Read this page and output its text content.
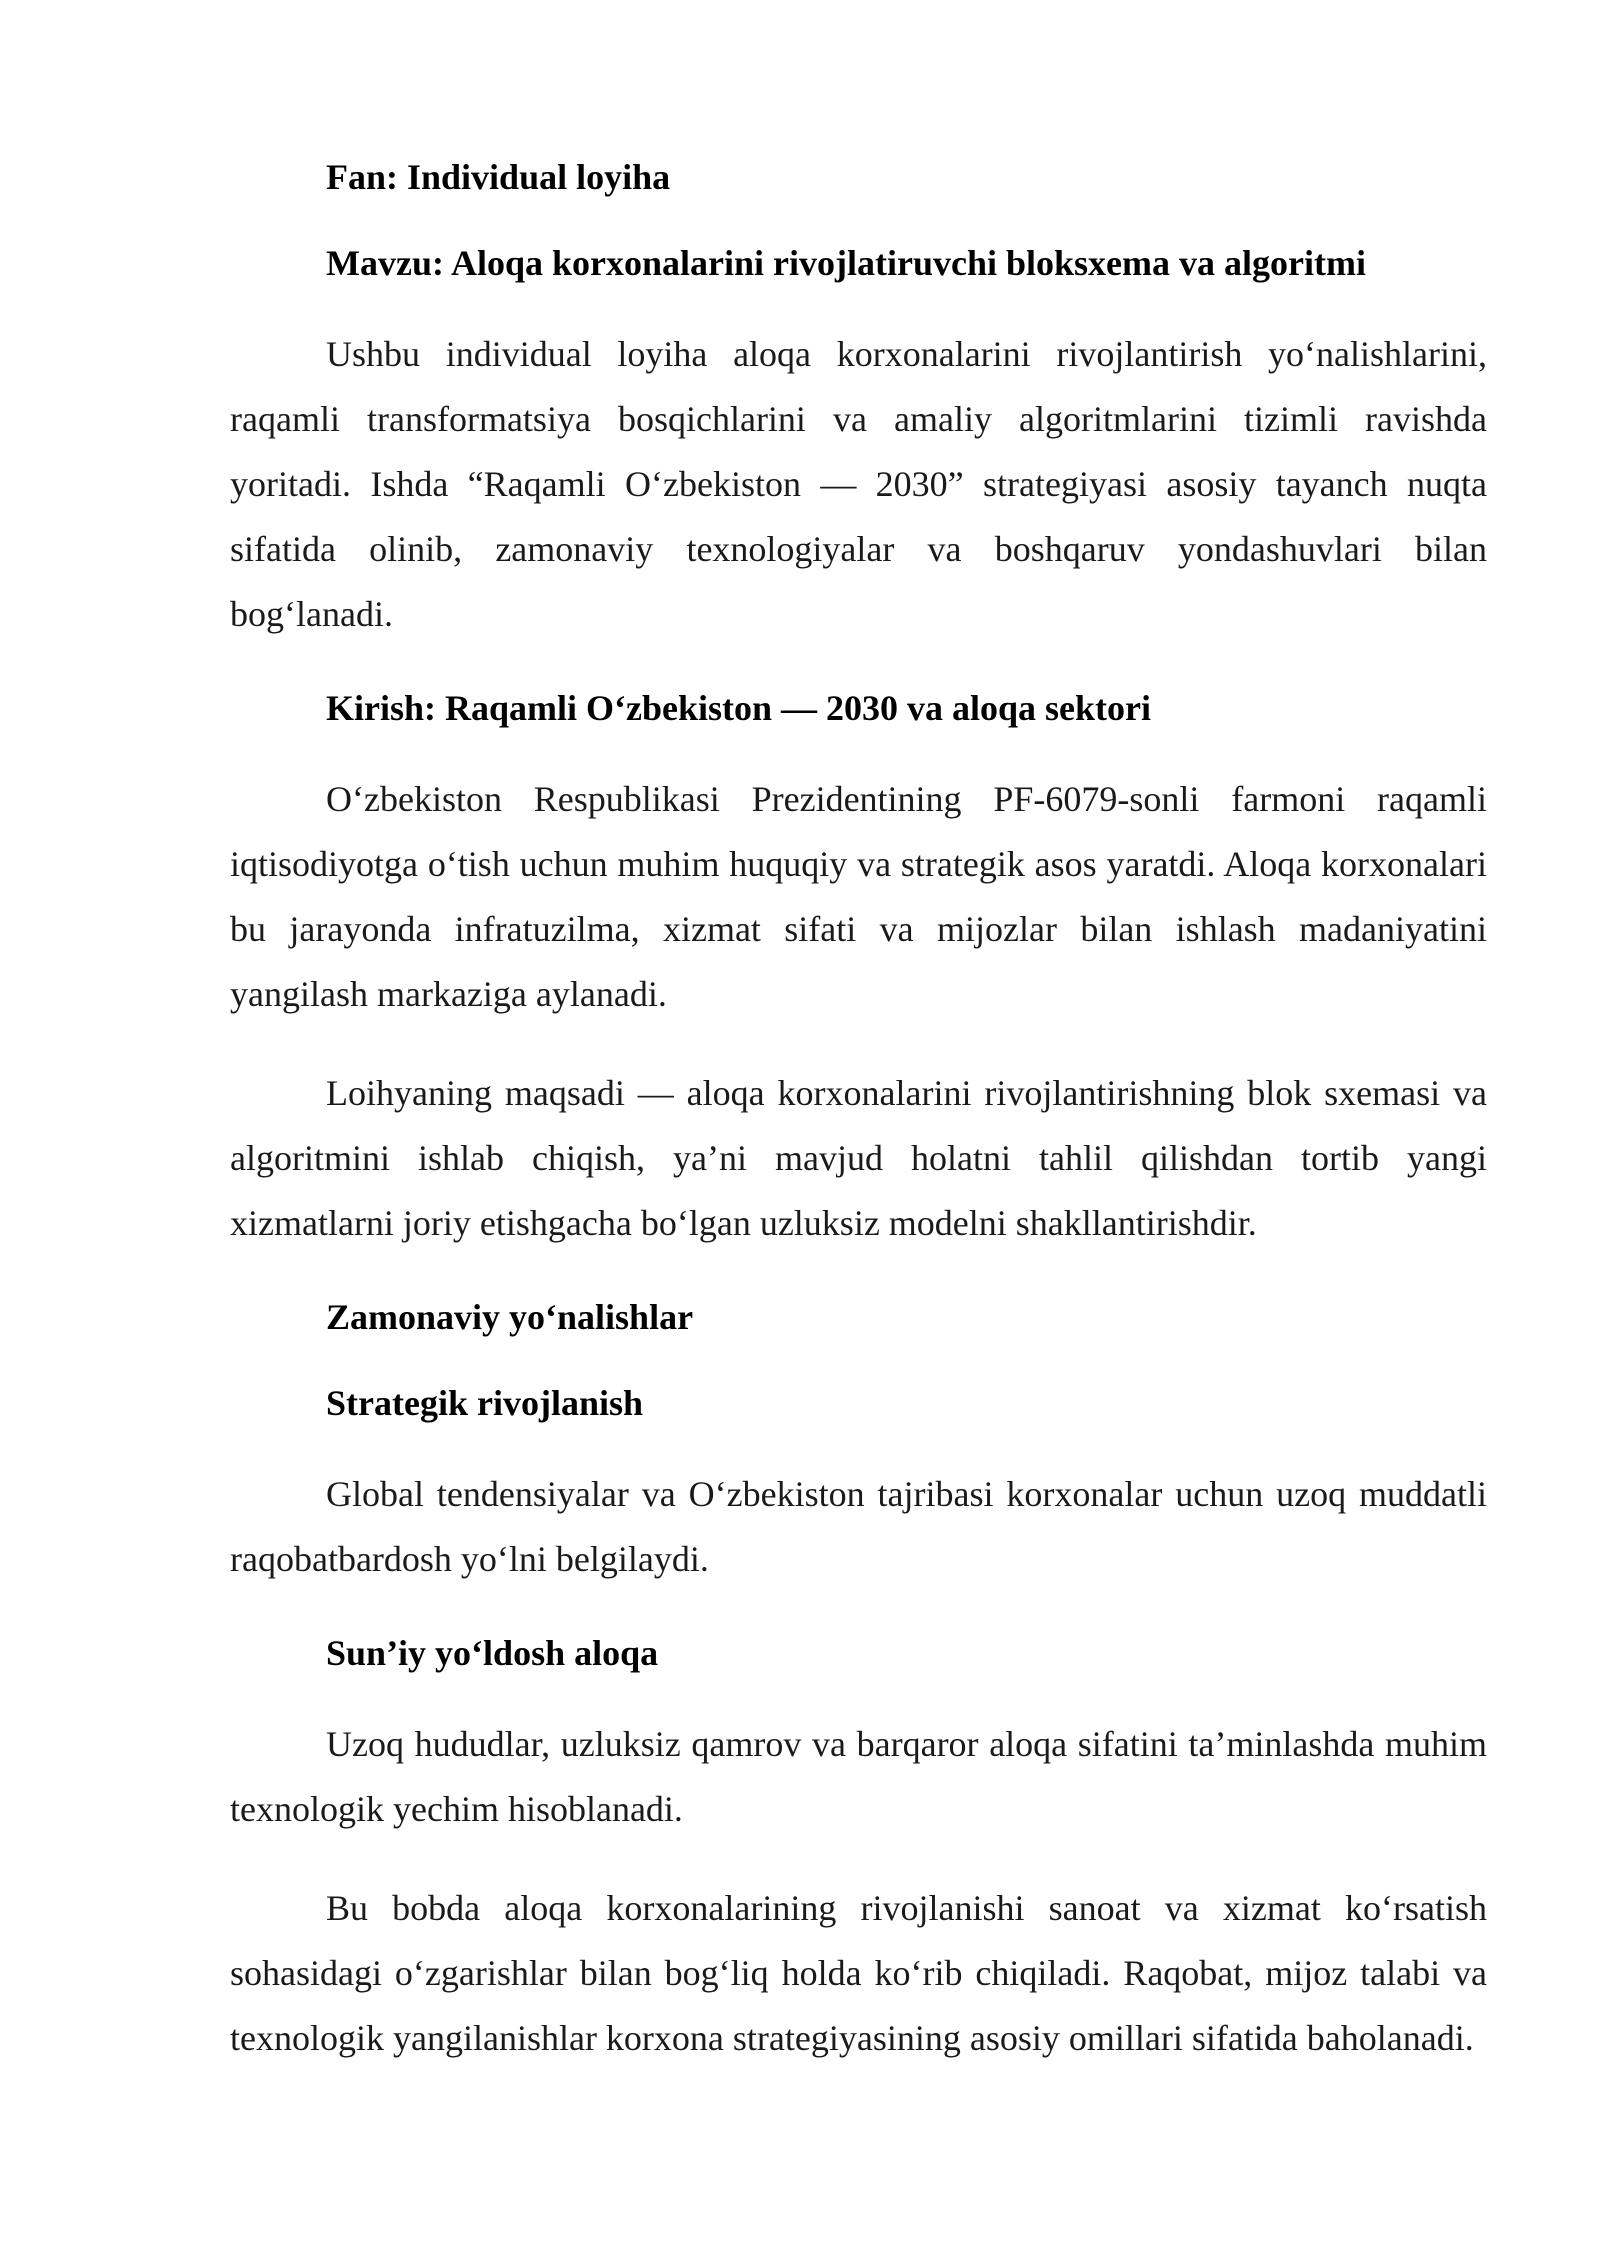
Fan: Individual loyiha

Mavzu: Aloqa korxonalarini rivojlatiruvchi bloksxema va algoritmi

Ushbu individual loyiha aloqa korxonalarini rivojlantirish yo‘nalishlarini, raqamli transformatsiya bosqichlarini va amaliy algoritmlarini tizimli ravishda yoritadi. Ishda “Raqamli O‘zbekiston — 2030” strategiyasi asosiy tayanch nuqta sifatida olinib, zamonaviy texnologiyalar va boshqaruv yondashuvlari bilan bog‘lanadi.

Kirish: Raqamli O‘zbekiston — 2030 va aloqa sektori

O‘zbekiston Respublikasi Prezidentining PF-6079-sonli farmoni raqamli iqtisodiyotga o‘tish uchun muhim huquqiy va strategik asos yaratdi. Aloqa korxonalari bu jarayonda infratuzilma, xizmat sifati va mijozlar bilan ishlash madaniyatini yangilash markaziga aylanadi.

Loihyaning maqsadi — aloqa korxonalarini rivojlantirishning blok sxemasi va algoritmini ishlab chiqish, ya’ni mavjud holatni tahlil qilishdan tortib yangi xizmatlarni joriy etishgacha bo‘lgan uzluksiz modelni shakllantirishdir.

Zamonaviy yo‘nalishlar

Strategik rivojlanish

Global tendensiyalar va O‘zbekiston tajribasi korxonalar uchun uzoq muddatli raqobatbardosh yo‘lni belgilaydi.

Sun’iy yo‘ldosh aloqa

Uzoq hududlar, uzluksiz qamrov va barqaror aloqa sifatini ta’minlashda muhim texnologik yechim hisoblanadi.

Bu bobda aloqa korxonalarining rivojlanishi sanoat va xizmat ko‘rsatish sohasidagi o‘zgarishlar bilan bog‘liq holda ko‘rib chiqiladi. Raqobat, mijoz talabi va texnologik yangilanishlar korxona strategiyasining asosiy omillari sifatida baholanadi.
